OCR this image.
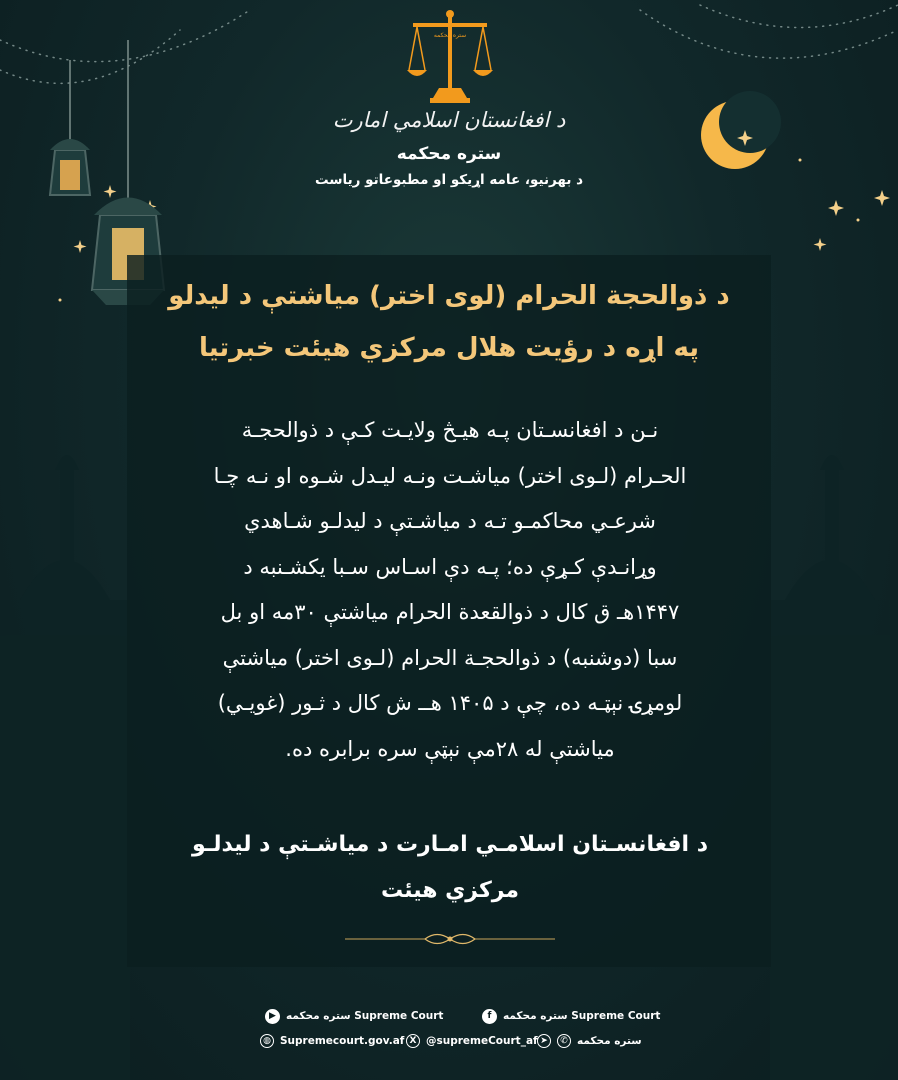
ستره محکمه
د افغانستان اسلامي امارت
ستره محکمه
د بهرنیو، عامه اړیکو او مطبوعاتو ریاست
د ذوالحجة الحرام (لوی اختر) میاشتې د لیدلو
په اړه د رؤیت هلال مرکزي هیئت خبرتیا

نـن د افغانسـتان پـه هیـڅ ولایـت کـې د ذوالحجـة

الحـرام (لـوی اختر) میاشـت ونـه لیـدل شـوه او نـه چـا

شرعـي محاکمـو تـه د میاشـتې د لیدلـو شـاهدي

وړانـدې کـړې ده؛ پـه دې اسـاس سـبا یکشـنبه د

۱۴۴۷هـ ق کال د ذوالقعدة الحرام میاشتې ۳۰مه او بل

سبا (دوشنبه) د ذوالحجـة الحرام (لـوی اختر) میاشتې

لومړۍ نېټـه ده، چې د ۱۴۰۵ هــ ش کال د ثـور (غویـي)

میاشتې له ۲۸مې نېټې سره برابره ده.

د افغانسـتان اسلامـي امـارت د میاشـتې د لیدلـو
مرکزي هیئت
▶ ستره محکمه Supreme Court	f	ستره محکمه Supreme Court
◍ Supremecourt.gov.af X @supremeCourt_af ➤	✆ ستره محکمه
